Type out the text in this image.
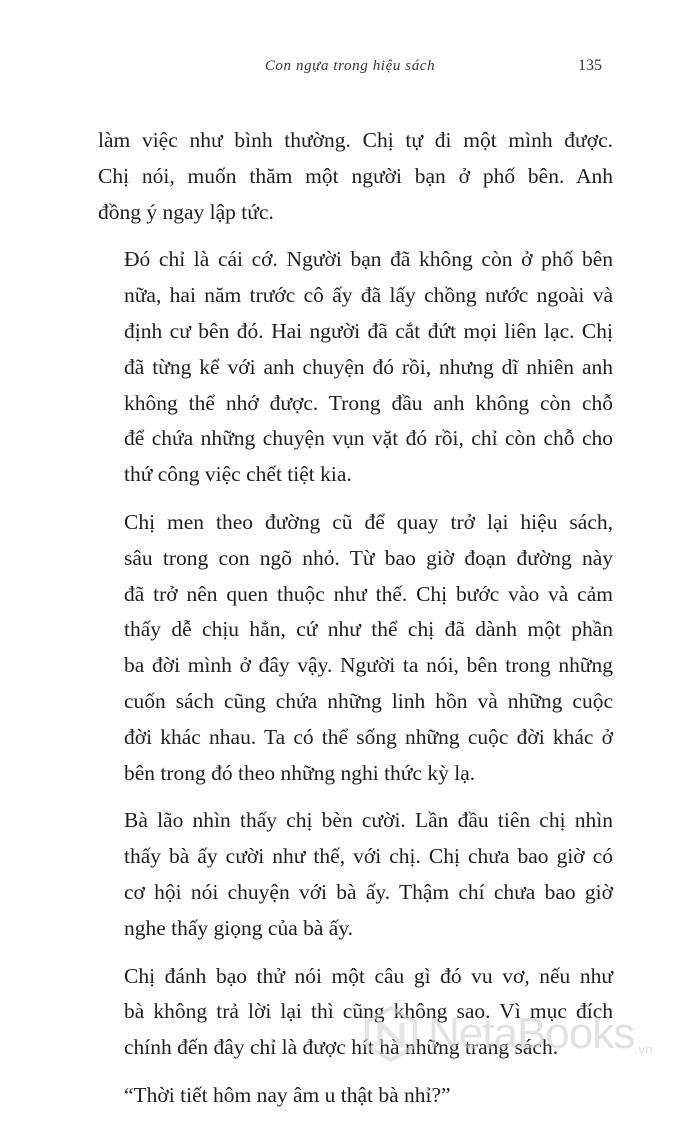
Con ngựa trong hiệu sách	135

làm việc như bình thường. Chị tự đi một mình được.
Chị nói, muốn thăm một người bạn ở phố bên. Anh
đồng ý ngay lập tức.

Đó chỉ là cái cớ. Người bạn đã không còn ở phố bên
nữa, hai năm trước cô ấy đã lấy chồng nước ngoài và
định cư bên đó. Hai người đã cắt đứt mọi liên lạc. Chị
đã từng kể với anh chuyện đó rồi, nhưng dĩ nhiên anh
không thể nhớ được. Trong đầu anh không còn chỗ
để chứa những chuyện vụn vặt đó rồi, chỉ còn chỗ cho
thứ công việc chết tiệt kia.

Chị men theo đường cũ để quay trở lại hiệu sách,
sâu trong con ngõ nhỏ. Từ bao giờ đoạn đường này
đã trở nên quen thuộc như thế. Chị bước vào và cảm
thấy dễ chịu hẳn, cứ như thể chị đã dành một phần
ba đời mình ở đây vậy. Người ta nói, bên trong những
cuốn sách cũng chứa những linh hồn và những cuộc
đời khác nhau. Ta có thể sống những cuộc đời khác ở
bên trong đó theo những nghi thức kỳ lạ.

Bà lão nhìn thấy chị bèn cười. Lần đầu tiên chị nhìn
thấy bà ấy cười như thế, với chị. Chị chưa bao giờ có
cơ hội nói chuyện với bà ấy. Thậm chí chưa bao giờ
nghe thấy giọng của bà ấy.

Chị đánh bạo thử nói một câu gì đó vu vơ, nếu như
bà không trả lời lại thì cũng không sao. Vì mục đích
chính đến đây chỉ là được hít hà những trang sách.

“Thời tiết hôm nay âm u thật bà nhỉ?”

NetaBooks.vn
